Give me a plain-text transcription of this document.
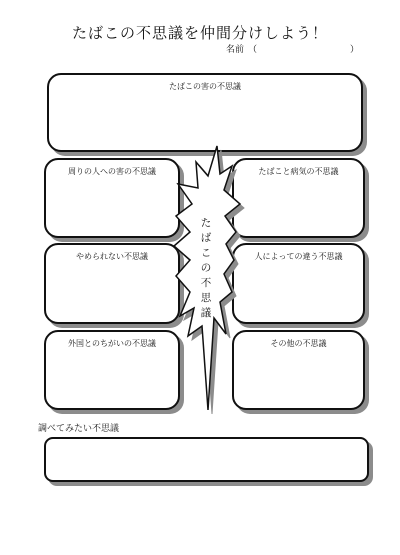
たばこの不思議を仲間分けしよう！
名前 （	）
たばこの害の不思議
周りの人への害の不思議
やめられない不思議
外国とのちがいの不思議
たばこと病気の不思議
人によっての違う不思議
その他の不思議
た
ば
こ
の
不
思
議
調べてみたい不思議
